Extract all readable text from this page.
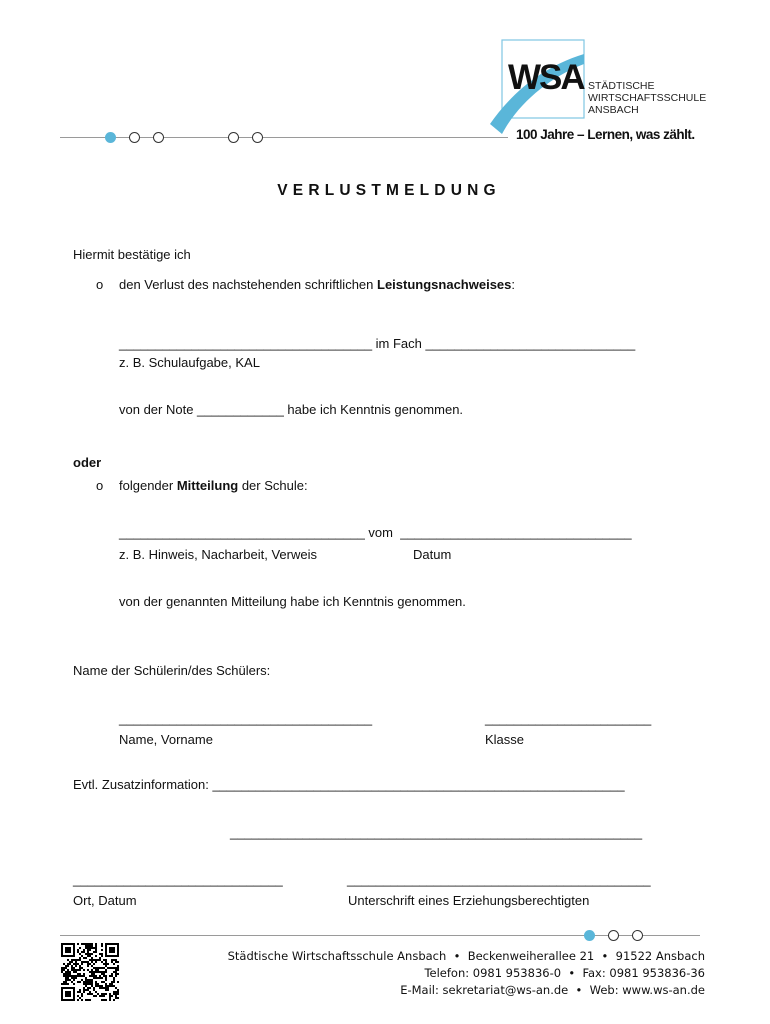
WSA STÄDTISCHE
WIRTSCHAFTSSCHULE
ANSBACH
100 Jahre – Lernen, was zählt.
VERLUSTMELDUNG
Hiermit bestätige ich
o den Verlust des nachstehenden schriftlichen Leistungsnachweises:
___________________________________ im Fach _____________________________
z. B. Schulaufgabe, KAL
von der Note ____________ habe ich Kenntnis genommen.
oder
o folgender Mitteilung der Schule:
__________________________________ vom  ________________________________
z. B. Hinweis, Nacharbeit, Verweis	Datum
von der genannten Mitteilung habe ich Kenntnis genommen.
Name der Schülerin/des Schülers:
___________________________________	_______________________
Name, Vorname	Klasse
Evtl. Zusatzinformation: _________________________________________________________
_________________________________________________________
_____________________________	__________________________________________
Ort, Datum	Unterschrift eines Erziehungsberechtigten
Städtische Wirtschaftsschule Ansbach  •  Beckenweiherallee 21  •  91522 Ansbach
Telefon: 0981 953836-0  •  Fax: 0981 953836-36
E-Mail: sekretariat@ws-an.de  •  Web: www.ws-an.de
